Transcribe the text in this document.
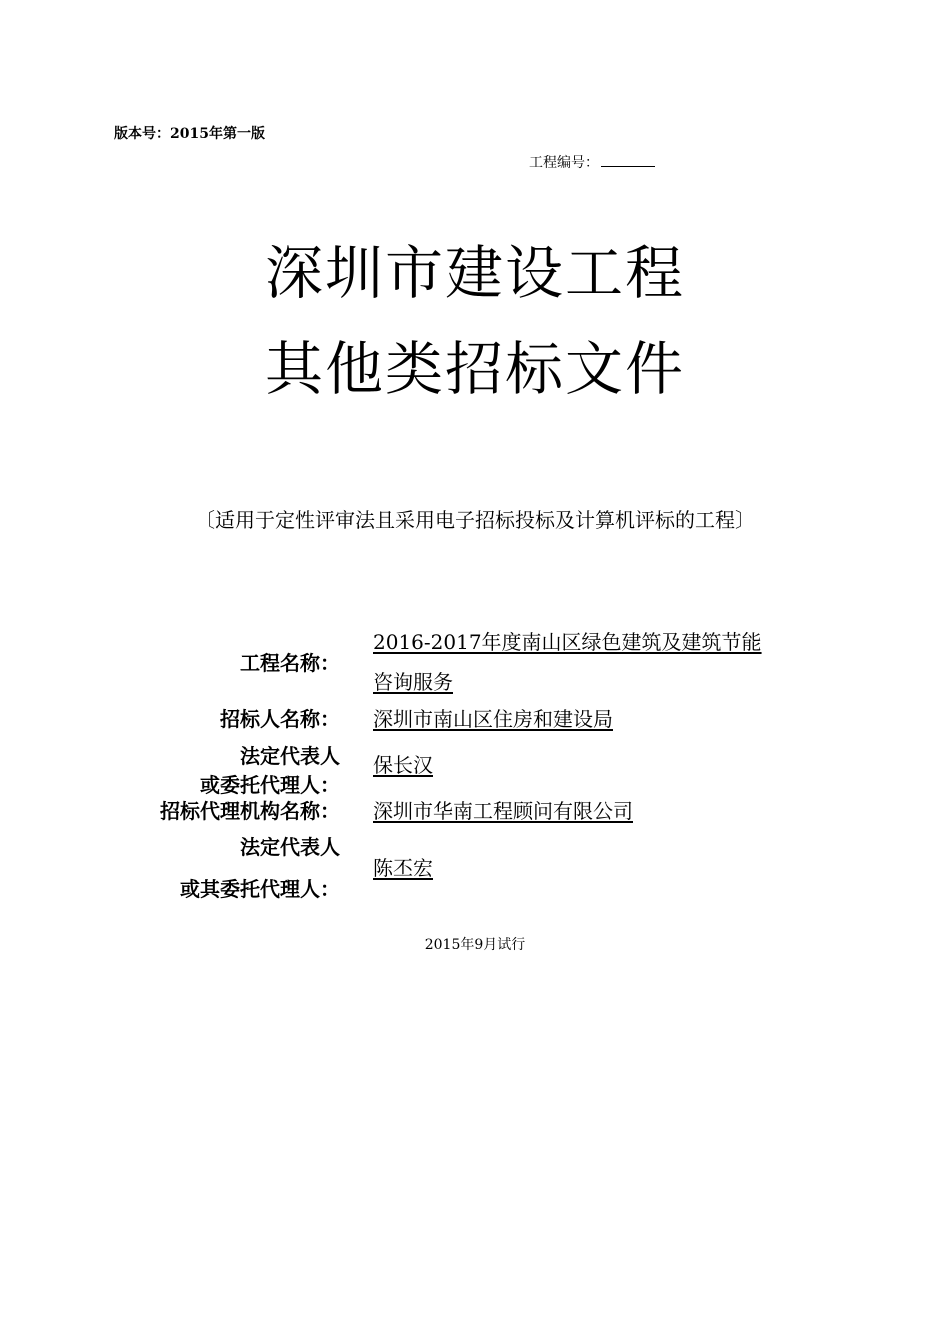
版本号：2015年第一版
工程编号：
深圳市建设工程
其他类招标文件
〔适用于定性评审法且采用电子招标投标及计算机评标的工程〕
工程名称：
2016-2017年度南山区绿色建筑及建筑节能
咨询服务
招标人名称： 深圳市南山区住房和建设局
法定代表人
或委托代理人：
保长汉
招标代理机构名称： 深圳市华南工程顾问有限公司
法定代表人
或其委托代理人：
陈丕宏
2015年9月试行
